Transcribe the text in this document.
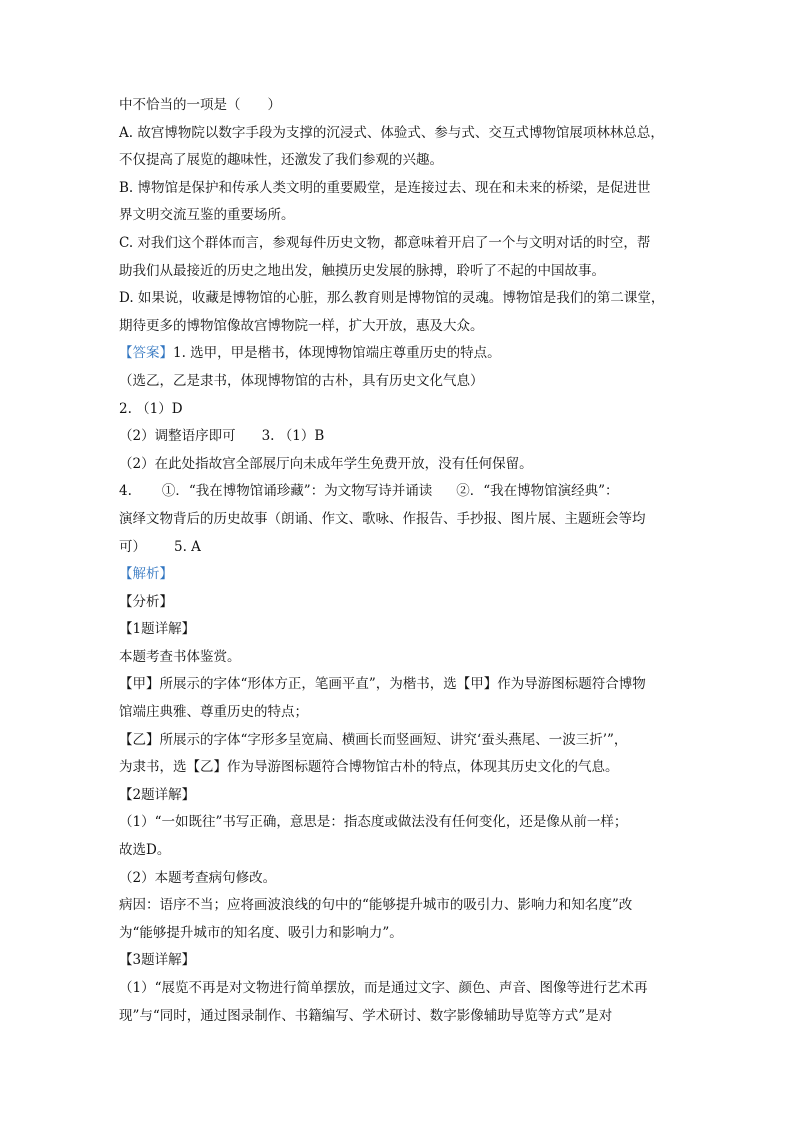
中不恰当的一项是（　　）
A. 故宫博物院以数字手段为支撑的沉浸式、体验式、参与式、交互式博物馆展项林林总总，
不仅提高了展览的趣味性，还激发了我们参观的兴趣。
B. 博物馆是保护和传承人类文明的重要殿堂，是连接过去、现在和未来的桥梁，是促进世
界文明交流互鉴的重要场所。
C. 对我们这个群体而言，参观每件历史文物，都意味着开启了一个与文明对话的时空，帮
助我们从最接近的历史之地出发，触摸历史发展的脉搏，聆听了不起的中国故事。
D. 如果说，收藏是博物馆的心脏，那么教育则是博物馆的灵魂。博物馆是我们的第二课堂，
期待更多的博物馆像故宫博物院一样，扩大开放，惠及大众。
【答案】1. 选甲，甲是楷书，体现博物馆端庄尊重历史的特点。
（选乙，乙是隶书，体现博物馆的古朴，具有历史文化气息）
2. （1）D
（2）调整语序即可 3. （1）B
（2）在此处指故宫全部展厅向未成年学生免费开放，没有任何保留。
4. ①．“我在博物馆诵珍藏”：为文物写诗并诵读 ②．“我在博物馆演经典”：
演绎文物背后的历史故事（朗诵、作文、歌咏、作报告、手抄报、图片展、主题班会等均
可） 5. A
【解析】
【分析】
【1题详解】
本题考查书体鉴赏。
【甲】所展示的字体“形体方正，笔画平直”，为楷书，选【甲】作为导游图标题符合博物
馆端庄典雅、尊重历史的特点；
【乙】所展示的字体“字形多呈宽扁、横画长而竖画短、讲究‘蚕头燕尾、一波三折’”，
为隶书，选【乙】作为导游图标题符合博物馆古朴的特点，体现其历史文化的气息。
【2题详解】
（1）“一如既往”书写正确，意思是：指态度或做法没有任何变化，还是像从前一样；
故选D。
（2）本题考查病句修改。
病因：语序不当；应将画波浪线的句中的“能够提升城市的吸引力、影响力和知名度”改
为“能够提升城市的知名度、吸引力和影响力”。
【3题详解】
（1）“展览不再是对文物进行简单摆放，而是通过文字、颜色、声音、图像等进行艺术再
现”与“同时，通过图录制作、书籍编写、学术研讨、数字影像辅助导览等方式”是对
